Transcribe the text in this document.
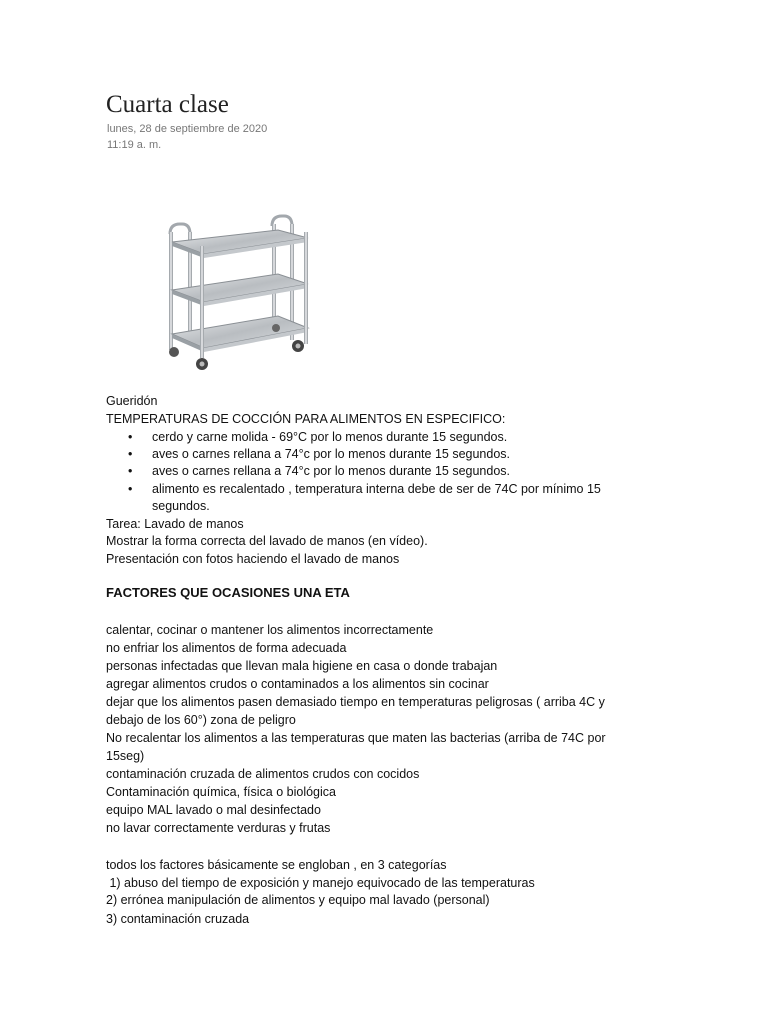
Cuarta clase
lunes, 28 de septiembre de 2020
11:19 a. m.
Gueridón
TEMPERATURAS DE COCCIÓN PARA ALIMENTOS EN ESPECIFICO:
• cerdo y carne molida - 69°C por lo menos durante 15 segundos.
• aves o carnes rellana a 74°c por lo menos durante 15 segundos.
• aves o carnes rellana a 74°c por lo menos durante 15 segundos.
• alimento es recalentado , temperatura interna debe de ser de 74C por mínimo 15
segundos.
Tarea: Lavado de manos
Mostrar la forma correcta del lavado de manos (en vídeo).
Presentación con fotos haciendo el lavado de manos
FACTORES QUE OCASIONES UNA ETA
calentar, cocinar o mantener los alimentos incorrectamente
no enfriar los alimentos de forma adecuada
personas infectadas que llevan mala higiene en casa o donde trabajan
agregar alimentos crudos o contaminados a los alimentos sin cocinar
dejar que los alimentos pasen demasiado tiempo en temperaturas peligrosas ( arriba 4C y
debajo de los 60°) zona de peligro
No recalentar los alimentos a las temperaturas que maten las bacterias (arriba de 74C por
15seg)
contaminación cruzada de alimentos crudos con cocidos
Contaminación química, física o biológica
equipo MAL lavado o mal desinfectado
no lavar correctamente verduras y frutas
todos los factores básicamente se engloban , en 3 categorías
1) abuso del tiempo de exposición y manejo equivocado de las temperaturas
2) errónea manipulación de alimentos y equipo mal lavado (personal)
3) contaminación cruzada
